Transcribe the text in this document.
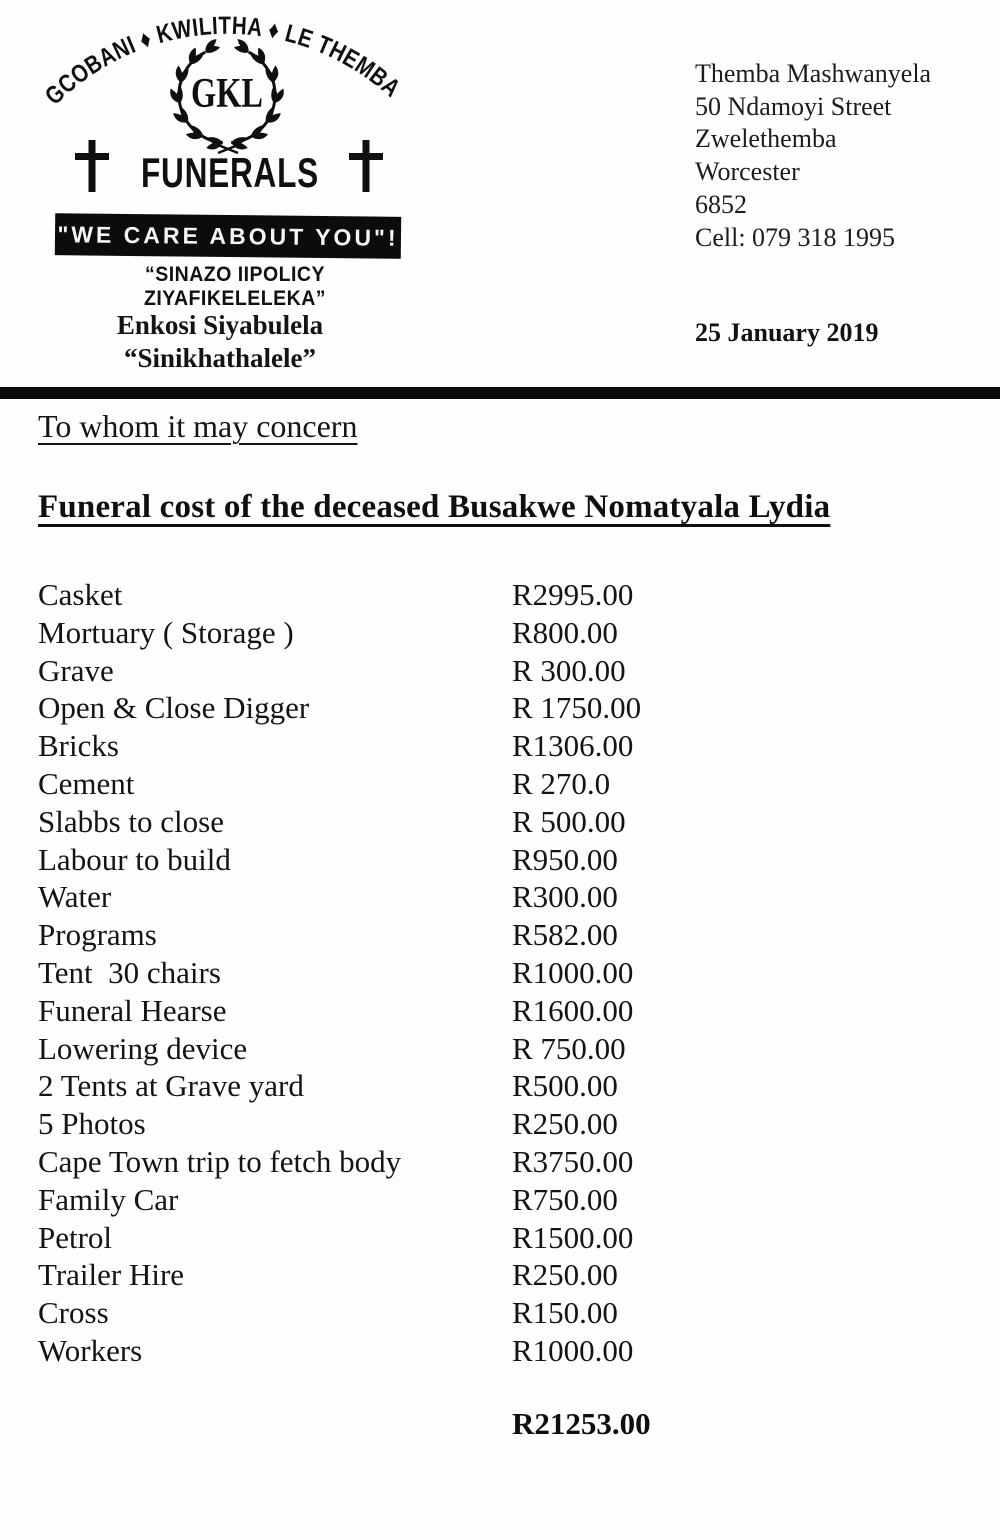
GCOBANI ♦ KWILITHA ♦ LE THEMBA
GKL
FUNERALS
"WE CARE ABOUT YOU"!
“SINAZO IIPOLICY ZIYAFIKELELEKA”
Enkosi Siyabulela
“Sinikhathalele”
Themba Mashwanyela
50 Ndamoyi Street
Zwelethemba
Worcester
6852
Cell: 079 318 1995
25 January 2019
To whom it may concern
Funeral cost of the deceased Busakwe Nomatyala Lydia
Casket	R2995.00
Mortuary ( Storage )	R800.00
Grave	R 300.00
Open & Close Digger	R 1750.00
Bricks	R1306.00
Cement	R 270.0
Slabbs to close	R 500.00
Labour to build	R950.00
Water	R300.00
Programs	R582.00
Tent  30 chairs	R1000.00
Funeral Hearse	R1600.00
Lowering device	R 750.00
2 Tents at Grave yard	R500.00
5 Photos	R250.00
Cape Town trip to fetch body	R3750.00
Family Car	R750.00
Petrol	R1500.00
Trailer Hire	R250.00
Cross	R150.00
Workers	R1000.00
R21253.00
